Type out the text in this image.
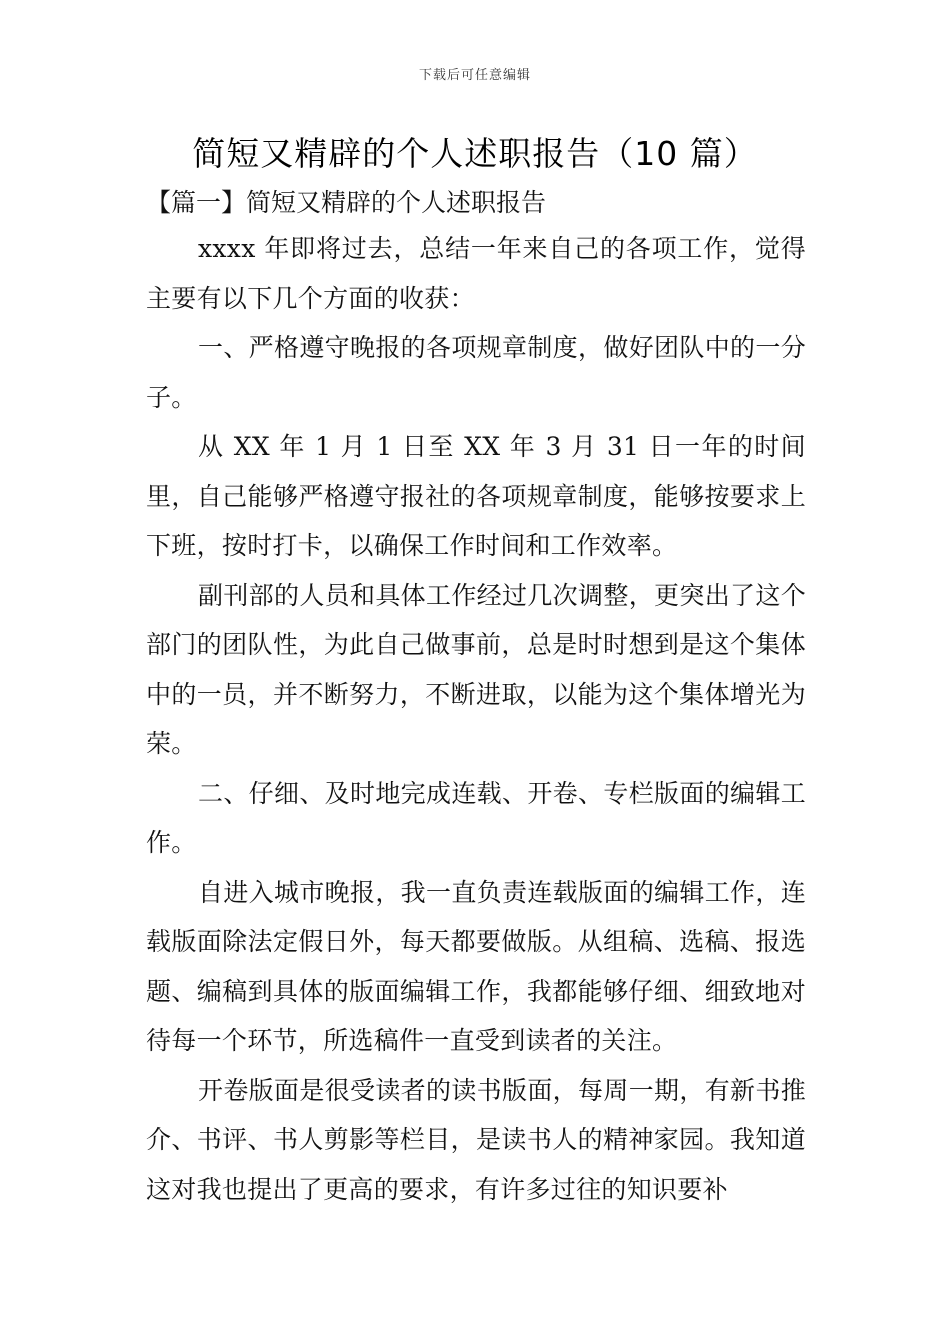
下载后可任意编辑
简短又精辟的个人述职报告（10 篇）
【篇一】简短又精辟的个人述职报告

xxxx 年即将过去，总结一年来自己的各项工作，觉得主要有以下几个方面的收获：

一、严格遵守晚报的各项规章制度，做好团队中的一分子。

从 XX 年 1 月 1 日至 XX 年 3 月 31 日一年的时间里，自己能够严格遵守报社的各项规章制度，能够按要求上下班，按时打卡，以确保工作时间和工作效率。

副刊部的人员和具体工作经过几次调整，更突出了这个部门的团队性，为此自己做事前，总是时时想到是这个集体中的一员，并不断努力，不断进取，以能为这个集体增光为荣。

二、仔细、及时地完成连载、开卷、专栏版面的编辑工作。

自进入城市晚报，我一直负责连载版面的编辑工作，连载版面除法定假日外，每天都要做版。从组稿、选稿、报选题、编稿到具体的版面编辑工作，我都能够仔细、细致地对待每一个环节，所选稿件一直受到读者的关注。

开卷版面是很受读者的读书版面，每周一期，有新书推介、书评、书人剪影等栏目，是读书人的精神家园。我知道这对我也提出了更高的要求，有许多过往的知识要补
